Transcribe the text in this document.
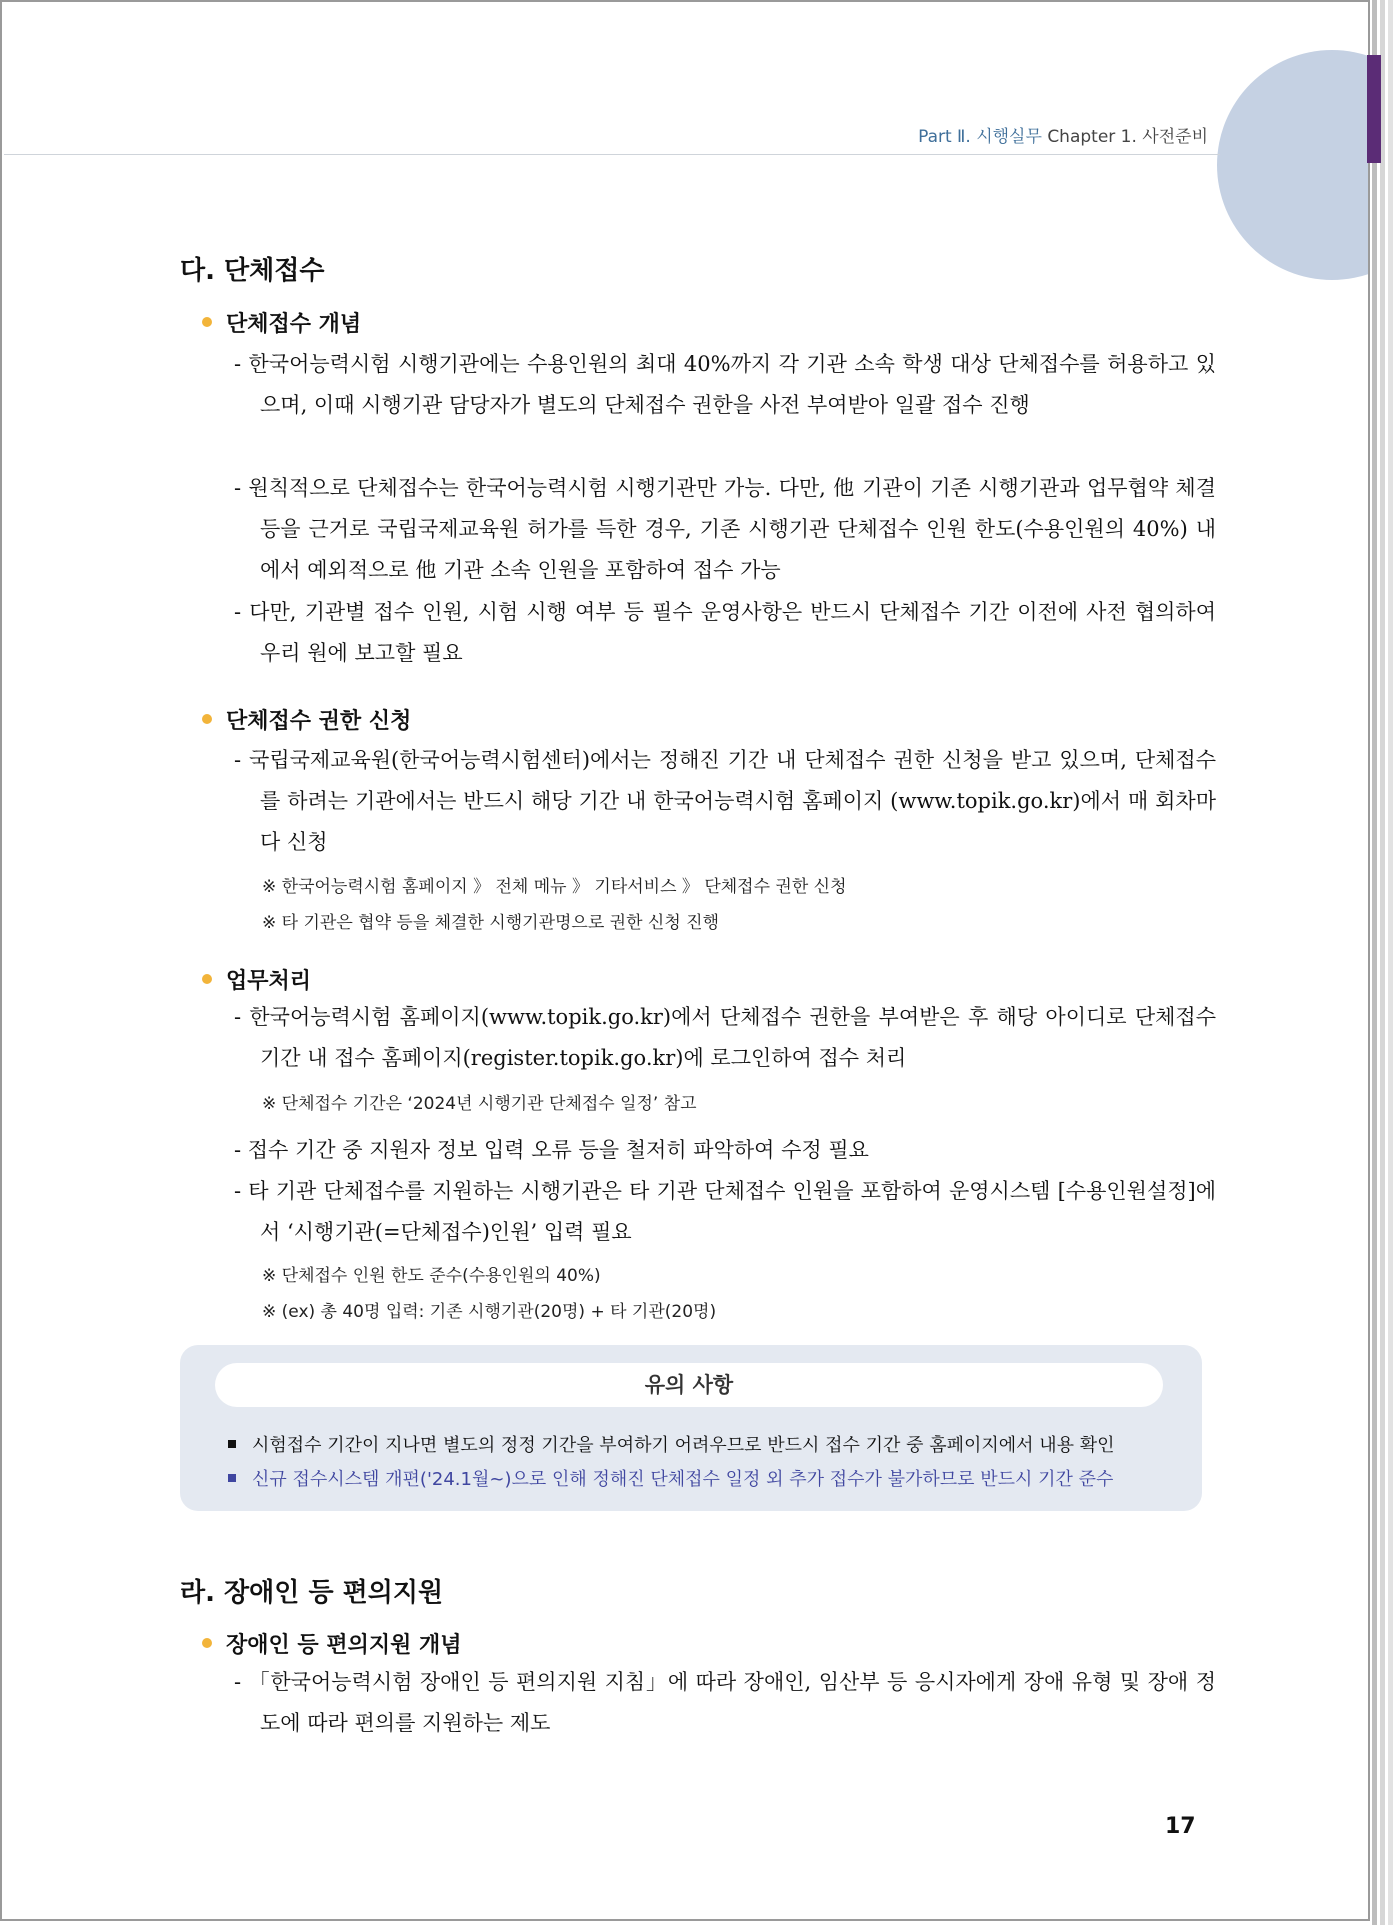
Part Ⅱ. 시행실무 Chapter 1. 사전준비
다. 단체접수
단체접수 개념
- 한국어능력시험 시행기관에는 수용인원의 최대 40%까지 각 기관 소속 학생 대상 단체접수를 허용하고 있으며, 이때 시행기관 담당자가 별도의 단체접수 권한을 사전 부여받아 일괄 접수 진행
- 원칙적으로 단체접수는 한국어능력시험 시행기관만 가능. 다만, 他 기관이 기존 시행기관과 업무협약 체결 등을 근거로 국립국제교육원 허가를 득한 경우, 기존 시행기관 단체접수 인원 한도(수용인원의 40%) 내에서 예외적으로 他 기관 소속 인원을 포함하여 접수 가능
- 다만, 기관별 접수 인원, 시험 시행 여부 등 필수 운영사항은 반드시 단체접수 기간 이전에 사전 협의하여 우리 원에 보고할 필요
단체접수 권한 신청
- 국립국제교육원(한국어능력시험센터)에서는 정해진 기간 내 단체접수 권한 신청을 받고 있으며, 단체접수를 하려는 기관에서는 반드시 해당 기간 내 한국어능력시험 홈페이지 (www.topik.go.kr)에서 매 회차마다 신청
※ 한국어능력시험 홈페이지 》 전체 메뉴 》 기타서비스 》 단체접수 권한 신청
※ 타 기관은 협약 등을 체결한 시행기관명으로 권한 신청 진행
업무처리
- 한국어능력시험 홈페이지(www.topik.go.kr)에서 단체접수 권한을 부여받은 후 해당 아이디로 단체접수 기간 내 접수 홈페이지(register.topik.go.kr)에 로그인하여 접수 처리
※ 단체접수 기간은 ‘2024년 시행기관 단체접수 일정’ 참고
- 접수 기간 중 지원자 정보 입력 오류 등을 철저히 파악하여 수정 필요
- 타 기관 단체접수를 지원하는 시행기관은 타 기관 단체접수 인원을 포함하여 운영시스템 [수용인원설정]에서 ‘시행기관(=단체접수)인원’ 입력 필요
※ 단체접수 인원 한도 준수(수용인원의 40%)
※ (ex) 총 40명 입력: 기존 시행기관(20명) + 타 기관(20명)
라. 장애인 등 편의지원
장애인 등 편의지원 개념
- 「한국어능력시험 장애인 등 편의지원 지침」에 따라 장애인, 임산부 등 응시자에게 장애 유형 및 장애 정도에 따라 편의를 지원하는 제도
유의 사항
시험접수 기간이 지나면 별도의 정정 기간을 부여하기 어려우므로 반드시 접수 기간 중 홈페이지에서 내용 확인
신규 접수시스템 개편('24.1월~)으로 인해 정해진 단체접수 일정 외 추가 접수가 불가하므로 반드시 기간 준수
17
